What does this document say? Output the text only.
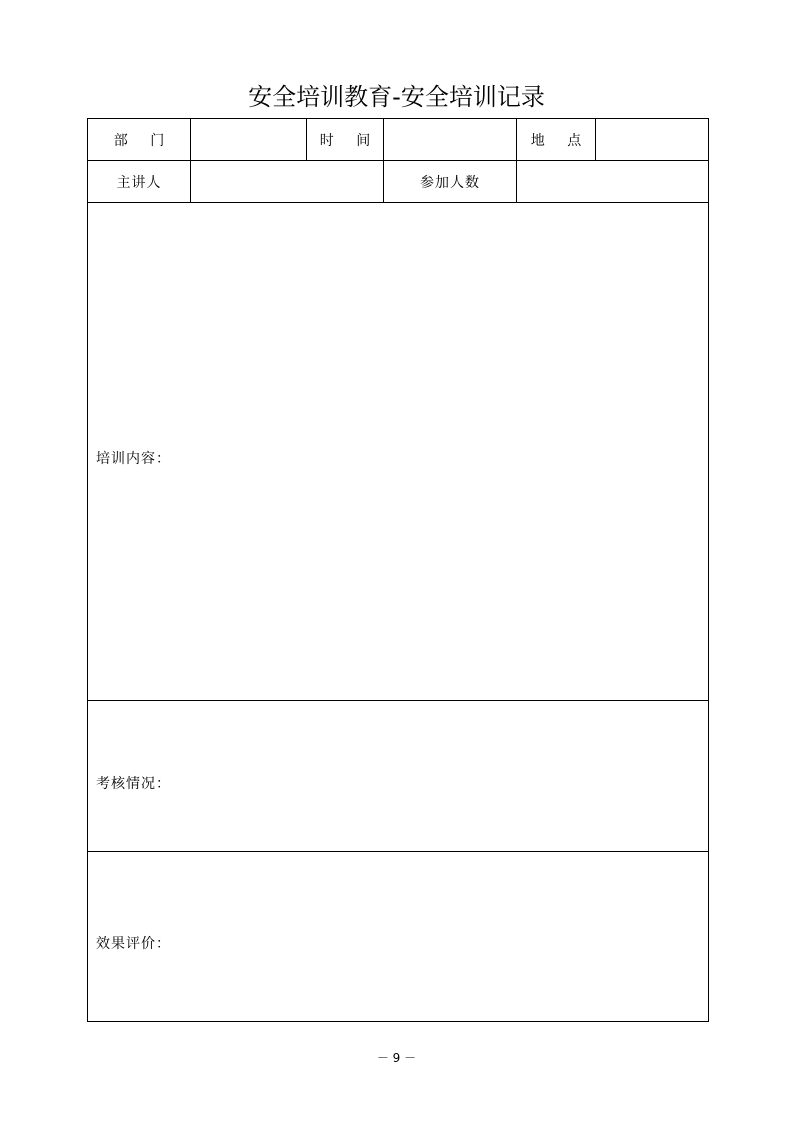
安全培训教育-安全培训记录
部 门		时 间		地 点	
主讲人			参加人数		

培训内容：					

考核情况：					

效果评价：					
－ 9 －
